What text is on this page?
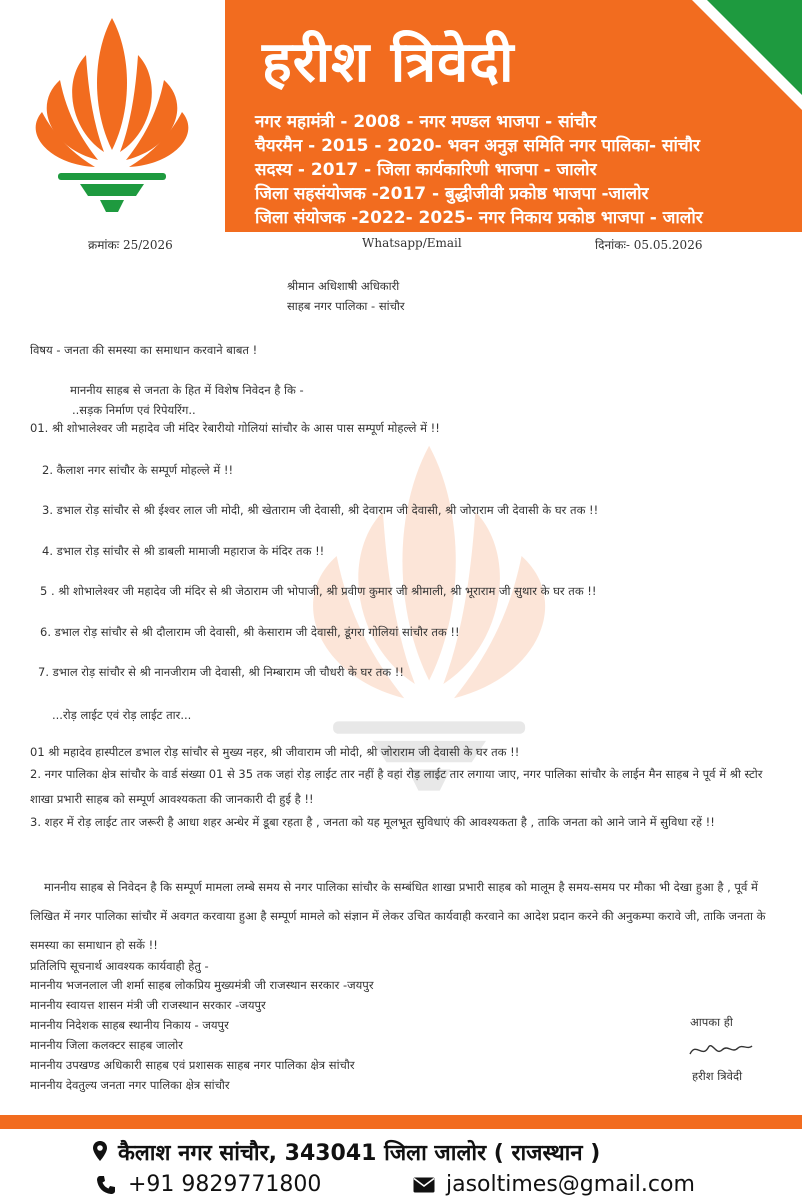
हरीश त्रिवेदी
नगर महामंत्री - 2008 - नगर मण्डल भाजपा - सांचौर
चैयरमैन - 2015 - 2020- भवन अनुज्ञ समिति नगर पालिका- सांचौर
सदस्य - 2017 - जिला कार्यकारिणी भाजपा - जालोर
जिला सहसंयोजक -2017 - बुद्धीजीवी प्रकोष्ठ भाजपा -जालोर
जिला संयोजक -2022- 2025- नगर निकाय प्रकोष्ठ भाजपा - जालोर
क्रमांकः 25/2026	Whatsapp/Email	दिनांकः- 05.05.2026
श्रीमान अधिशाषी अधिकारी
साहब नगर पालिका - सांचौर
विषय - जनता की समस्या का समाधान करवाने बाबत !
माननीय साहब से जनता के हित में विशेष निवेदन है कि -
..सड़क निर्माण एवं रिपेयरिंग..
01. श्री शोभालेश्वर जी महादेव जी मंदिर रेबारीयो गोलियां सांचौर के आस पास सम्पूर्ण मोहल्ले में !!
2. कैलाश नगर सांचौर के सम्पूर्ण मोहल्ले में !!
3. डभाल रोड़ सांचौर से श्री ईश्वर लाल जी मोदी, श्री खेताराम जी देवासी, श्री देवाराम जी देवासी, श्री जोराराम जी देवासी के घर तक !!
4. डभाल रोड़ सांचौर से श्री डाबली मामाजी महाराज के मंदिर तक !!
5 . श्री शोभालेश्वर जी महादेव जी मंदिर से श्री जेठाराम जी भोपाजी, श्री प्रवीण कुमार जी श्रीमाली, श्री भूराराम जी सुथार के घर तक !!
6. डभाल रोड़ सांचौर से श्री दौलाराम जी देवासी, श्री केसाराम जी देवासी, डूंगरा गोलियां सांचौर तक !!
7. डभाल रोड़ सांचौर से श्री नानजीराम जी देवासी, श्री निम्बाराम जी चौधरी के घर तक !!
...रोड़ लाईट एवं रोड़ लाईट तार...
01 श्री महादेव हास्पीटल डभाल रोड़ सांचौर से मुख्य नहर, श्री जीवाराम जी मोदी, श्री जोराराम जी देवासी के घर तक !!
2. नगर पालिका क्षेत्र सांचौर के वार्ड संख्या 01 से 35 तक जहां रोड़ लाईट तार नहीं है वहां रोड़ लाईट तार लगाया जाए, नगर पालिका सांचौर के लाईन मैन साहब ने पूर्व में श्री स्टोर शाखा प्रभारी साहब को सम्पूर्ण आवश्यकता की जानकारी दी हुई है !!
3. शहर में रोड़ लाईट तार जरूरी है आधा शहर अन्धेर में डूबा रहता है , जनता को यह मूलभूत सुविधाएं की आवश्यकता है , ताकि जनता को आने जाने में सुविधा रहें !!
माननीय साहब से निवेदन है कि सम्पूर्ण मामला लम्बे समय से नगर पालिका सांचौर के सम्बंधित शाखा प्रभारी साहब को मालूम है समय-समय पर मौका भी देखा हुआ है , पूर्व में लिखित में नगर पालिका सांचौर में अवगत करवाया हुआ है सम्पूर्ण मामले को संज्ञान में लेकर उचित कार्यवाही करवाने का आदेश प्रदान करने की अनुकम्पा करावे जी, ताकि जनता के समस्या का समाधान हो सकें !!
प्रतिलिपि सूचनार्थ आवश्यक कार्यवाही हेतु -
माननीय भजनलाल जी शर्मा साहब लोकप्रिय मुख्यमंत्री जी राजस्थान सरकार -जयपुर
माननीय स्वायत्त शासन मंत्री जी राजस्थान सरकार -जयपुर
माननीय निदेशक साहब स्थानीय निकाय - जयपुर
माननीय जिला कलक्टर साहब जालोर
माननीय उपखण्ड अधिकारी साहब एवं प्रशासक साहब नगर पालिका क्षेत्र सांचौर
माननीय देवतुल्य जनता नगर पालिका क्षेत्र सांचौर
आपका ही
हरीश त्रिवेदी
कैलाश नगर सांचौर, 343041 जिला जालोर ( राजस्थान )
+91 9829771800	jasoltimes@gmail.com
